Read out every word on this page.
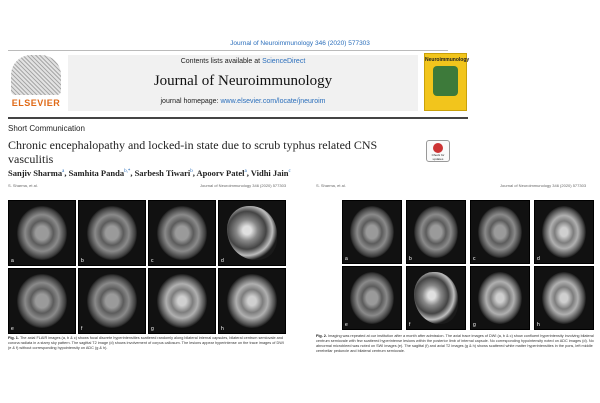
Journal of Neuroimmunology 346 (2020) 577303
ELSEVIER
Contents lists available at ScienceDirect
Journal of Neuroimmunology
journal homepage: www.elsevier.com/locate/jneuroim
Neuroimmunology
Short Communication
Chronic encephalopathy and locked-in state due to scrub typhus related CNS vasculitis	Check for updates
Sanjiv Sharma$^a$, Samhita Panda$^{b,*}$, Sarbesh Tiwari$^b$, Apoorv Patel$^a$, Vidhi Jain$^c$
S. Sharma, et al.	Journal of Neuroimmunology 346 (2020) 577303
a	b	c	d
e	f	g	h
Fig. 1. The axial FLAIR images (a, b & c) shows focal discrete hyperintensities scattered randomly along bilateral internal capsules, bilateral centrum semiovale and corona radiata in a starry sky pattern. The sagittal T2 image (d) shows involvement of corpus callosum. The lesions appear hyperintense on the trace images of DWI (e & f) without corresponding hypointensity on ADC (g & h).
S. Sharma, et al.	Journal of Neuroimmunology 346 (2020) 577303
a	b	c	d
e	f	g	h
Fig. 2. Imaging was repeated at our institution after a month after admission. The axial trace images of DWI (a, b & c) show confluent hyperintensity involving bilateral centrum semiovale with few scattered hyperintense lesions within the posterior limb of internal capsule. No corresponding hypointensity noted on ADC images (d). No abnormal microbleed was noted on SWI images (e). The sagittal (f) and axial T2 images (g & h) shows scattered white matter hyperintensities in the pons, left middle cerebellar peduncle and bilateral centrum semiovale.
